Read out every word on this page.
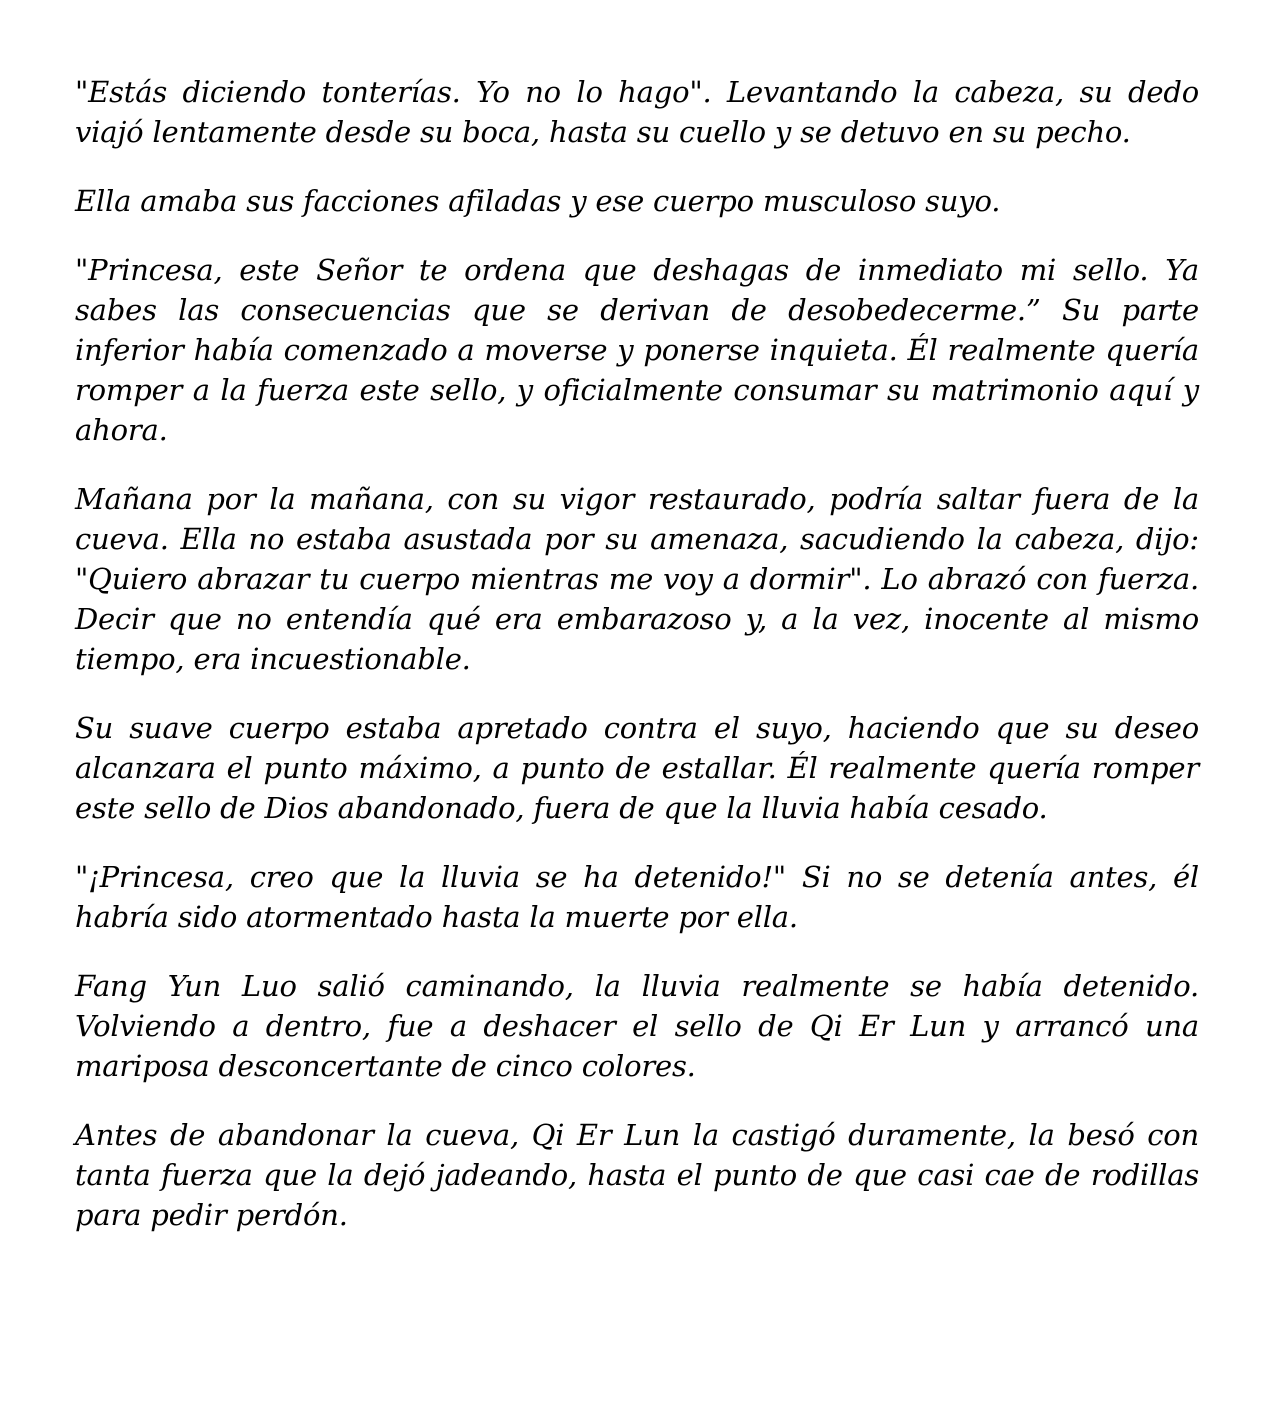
"Estás diciendo tonterías. Yo no lo hago". Levantando la cabeza, su dedo viajó lentamente desde su boca, hasta su cuello y se detuvo en su pecho.

Ella amaba sus facciones afiladas y ese cuerpo musculoso suyo.

"Princesa, este Señor te ordena que deshagas de inmediato mi sello. Ya sabes las consecuencias que se derivan de desobedecerme.” Su parte inferior había comenzado a moverse y ponerse inquieta. Él realmente quería romper a la fuerza este sello, y oficialmente consumar su matrimonio aquí y ahora.

Mañana por la mañana, con su vigor restaurado, podría saltar fuera de la cueva. Ella no estaba asustada por su amenaza, sacudiendo la cabeza, dijo: "Quiero abrazar tu cuerpo mientras me voy a dormir". Lo abrazó con fuerza. Decir que no entendía qué era embarazoso y, a la vez, inocente al mismo tiempo, era incuestionable.

Su suave cuerpo estaba apretado contra el suyo, haciendo que su deseo alcanzara el punto máximo, a punto de estallar. Él realmente quería romper este sello de Dios abandonado, fuera de que la lluvia había cesado.

"¡Princesa, creo que la lluvia se ha detenido!" Si no se detenía antes, él habría sido atormentado hasta la muerte por ella.

Fang Yun Luo salió caminando, la lluvia realmente se había detenido. Volviendo a dentro, fue a deshacer el sello de Qi Er Lun y arrancó una mariposa desconcertante de cinco colores.

Antes de abandonar la cueva, Qi Er Lun la castigó duramente, la besó con tanta fuerza que la dejó jadeando, hasta el punto de que casi cae de rodillas para pedir perdón.
